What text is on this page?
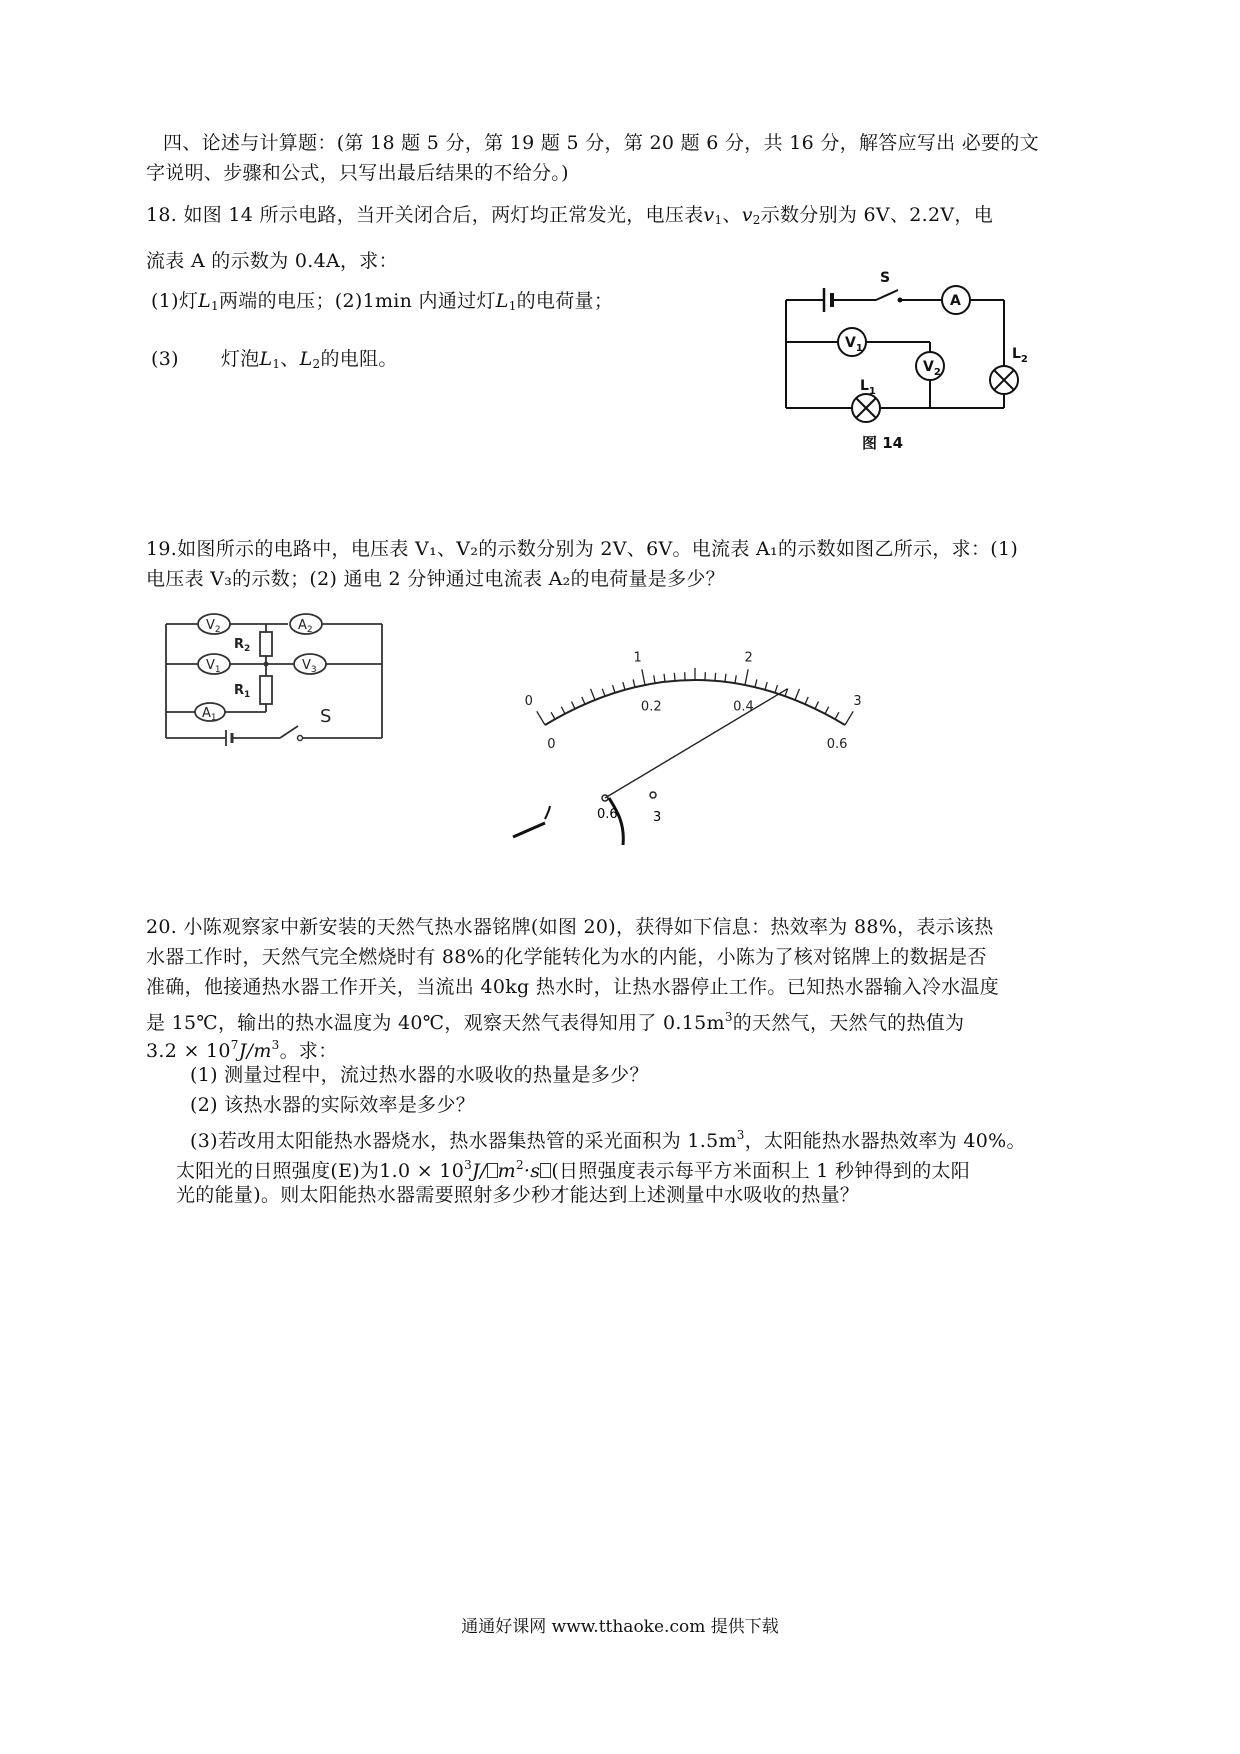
四、论述与计算题：(第 18 题 5 分，第 19 题 5 分，第 20 题 6 分，共 16 分，解答应写出 必要的文
字说明、步骤和公式，只写出最后结果的不给分。)
18. 如图 14 所示电路，当开关闭合后，两灯均正常发光，电压表$v_1$、$v_2$示数分别为 6V、2.2V，电
流表 A 的示数为 0.4A，求：
(1)灯$L_1$两端的电压；(2)1min 内通过灯$L_1$的电荷量；
(3) 灯泡$L_1$、$L_2$的电阻。
S
A
$V_1$
$V_2$
$L_1$
$L_2$
图 14
19.如图所示的电路中，电压表 V₁、V₂的示数分别为 2V、6V。电流表 A₁的示数如图乙所示，求：(1)
电压表 V₃的示数；(2) 通电 2 分钟通过电流表 A₂的电荷量是多少？
$V_2$	$A_2$
$R_2$
$V_1$	$V_3$
$R_1$
$A_1$	S
0
1	2
3
0
0.2	0.4
0.6
0.6	3
20. 小陈观察家中新安装的天然气热水器铭牌(如图 20)，获得如下信息：热效率为 88%，表示该热
水器工作时，天然气完全燃烧时有 88%的化学能转化为水的内能，小陈为了核对铭牌上的数据是否
准确，他接通热水器工作开关，当流出 40kg 热水时，让热水器停止工作。已知热水器输入冷水温度
是 15℃，输出的热水温度为 40℃，观察天然气表得知用了 $0.15m^3$的天然气，天然气的热值为
$3.2 \times 10^7J/m^3$。求：
(1) 测量过程中，流过热水器的水吸收的热量是多少？
(2) 该热水器的实际效率是多少？
(3)若改用太阳能热水器烧水，热水器集热管的采光面积为 $1.5m^3$，太阳能热水器热效率为 40%。
太阳光的日照强度(E)为$1.0 \times 10^3J/$ $m^2\cdot s$ (日照强度表示每平方米面积上 1 秒钟得到的太阳
光的能量)。则太阳能热水器需要照射多少秒才能达到上述测量中水吸收的热量？
通通好课网 www.tthaoke.com 提供下载
